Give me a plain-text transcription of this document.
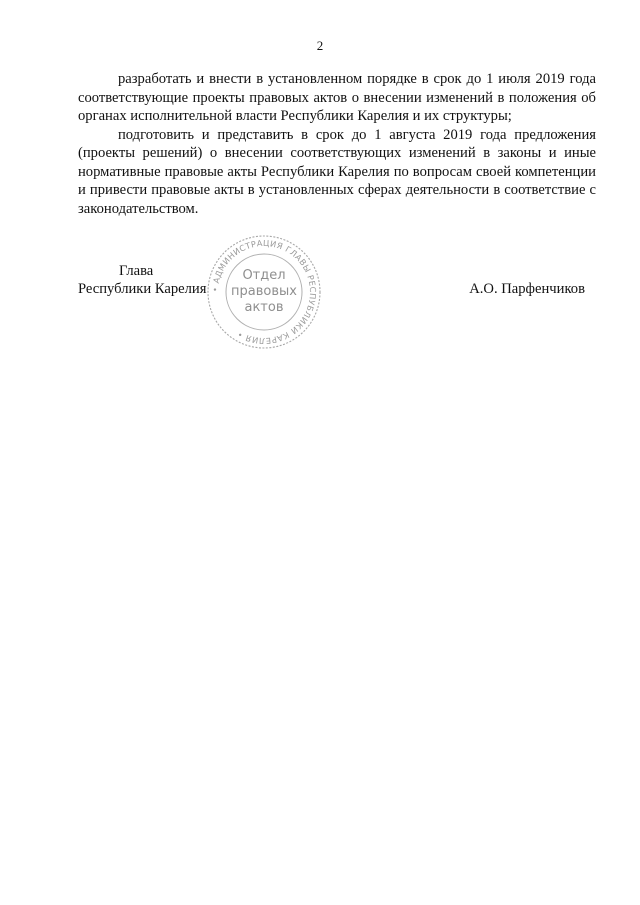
2

разработать и внести в установленном порядке в срок до 1 июля 2019 года соответствующие проекты правовых актов о внесении изменений в положения об органах исполнительной власти Республики Карелия и их структуры;

подготовить и представить в срок до 1 августа 2019 года предложения (проекты решений) о внесении соответствующих изменений в законы и иные нормативные правовые акты Республики Карелия по вопросам своей компетенции и привести правовые акты в установленных сферах деятельности в соответствие с законодательством.

Глава
Республики Карелия	А.О. Парфенчиков
• АДМИНИСТРАЦИЯ ГЛАВЫ РЕСПУБЛИКИ КАРЕЛИЯ •
Отдел
правовых
актов
